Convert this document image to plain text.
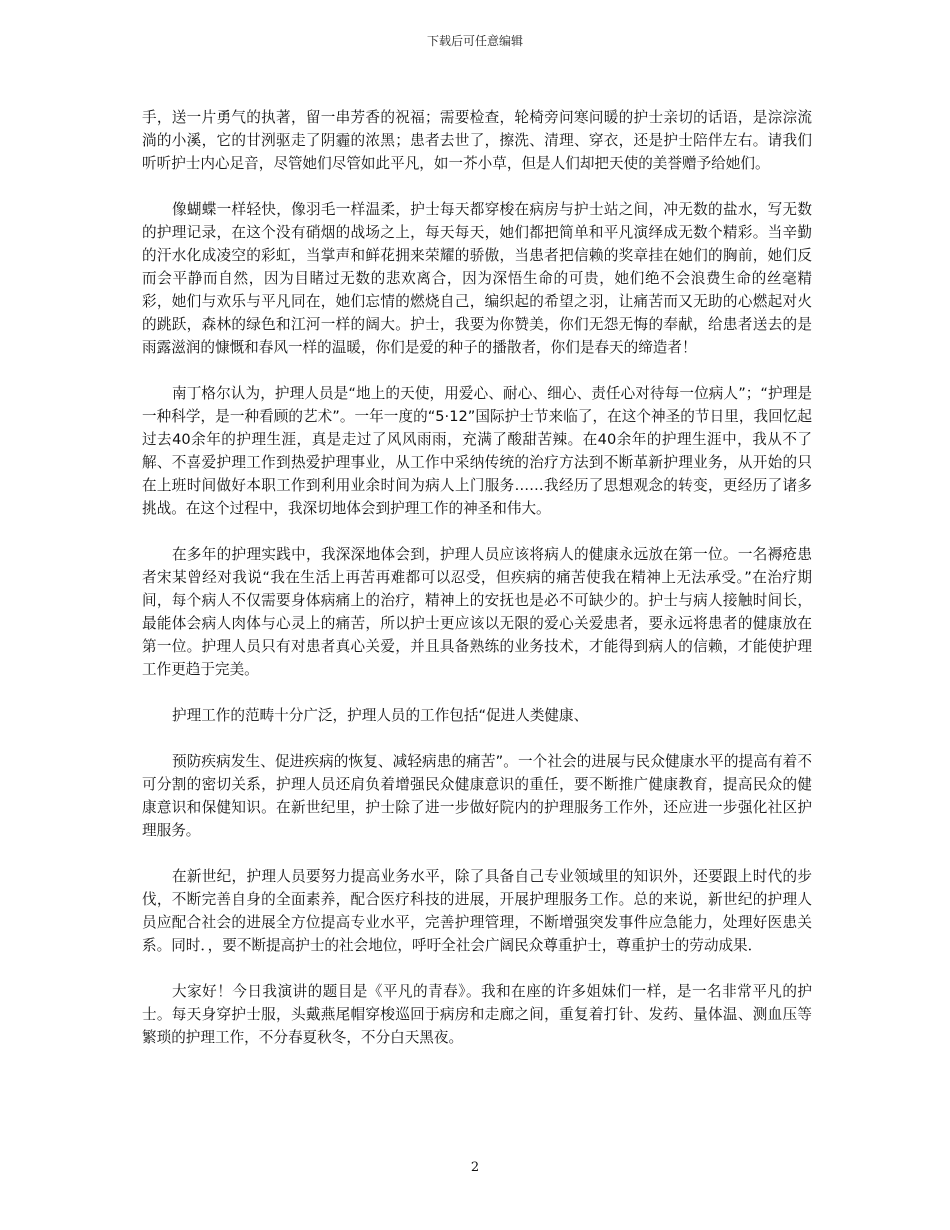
下载后可任意编辑

手，送一片勇气的执著，留一串芳香的祝福；需要检查，轮椅旁问寒问暖的护士亲切的话语，是淙淙流淌的小溪，它的甘洌驱走了阴霾的浓黑；患者去世了，擦洗、清理、穿衣，还是护士陪伴左右。请我们听听护士内心足音，尽管她们尽管如此平凡，如一芥小草，但是人们却把天使的美誉赠予给她们。

像蝴蝶一样轻快，像羽毛一样温柔，护士每天都穿梭在病房与护士站之间，冲无数的盐水，写无数的护理记录，在这个没有硝烟的战场之上，每天每天，她们都把简单和平凡演绎成无数个精彩。当辛勤的汗水化成凌空的彩虹，当掌声和鲜花拥来荣耀的骄傲，当患者把信赖的奖章挂在她们的胸前，她们反而会平静而自然，因为目睹过无数的悲欢离合，因为深悟生命的可贵，她们绝不会浪费生命的丝毫精彩，她们与欢乐与平凡同在，她们忘情的燃烧自己，编织起的希望之羽，让痛苦而又无助的心燃起对火的跳跃，森林的绿色和江河一样的阔大。护士，我要为你赞美，你们无怨无悔的奉献，给患者送去的是雨露滋润的慷慨和春风一样的温暖，你们是爱的种子的播散者，你们是春天的缔造者！

南丁格尔认为，护理人员是“地上的天使，用爱心、耐心、细心、责任心对待每一位病人”；“护理是一种科学，是一种看顾的艺术”。一年一度的“5·12”国际护士节来临了，在这个神圣的节日里，我回忆起过去40余年的护理生涯，真是走过了风风雨雨，充满了酸甜苦辣。在40余年的护理生涯中，我从不了解、不喜爱护理工作到热爱护理事业，从工作中采纳传统的治疗方法到不断革新护理业务，从开始的只在上班时间做好本职工作到利用业余时间为病人上门服务……我经历了思想观念的转变，更经历了诸多挑战。在这个过程中，我深切地体会到护理工作的神圣和伟大。

在多年的护理实践中，我深深地体会到，护理人员应该将病人的健康永远放在第一位。一名褥疮患者宋某曾经对我说“我在生活上再苦再难都可以忍受，但疾病的痛苦使我在精神上无法承受。”在治疗期间，每个病人不仅需要身体病痛上的治疗，精神上的安抚也是必不可缺少的。护士与病人接触时间长，最能体会病人肉体与心灵上的痛苦，所以护士更应该以无限的爱心关爱患者，要永远将患者的健康放在第一位。护理人员只有对患者真心关爱，并且具备熟练的业务技术，才能得到病人的信赖，才能使护理工作更趋于完美。

护理工作的范畴十分广泛，护理人员的工作包括“促进人类健康、

预防疾病发生、促进疾病的恢复、减轻病患的痛苦”。一个社会的进展与民众健康水平的提高有着不可分割的密切关系，护理人员还肩负着增强民众健康意识的重任，要不断推广健康教育，提高民众的健康意识和保健知识。在新世纪里，护士除了进一步做好院内的护理服务工作外，还应进一步强化社区护理服务。

在新世纪，护理人员要努力提高业务水平，除了具备自己专业领域里的知识外，还要跟上时代的步伐，不断完善自身的全面素养，配合医疗科技的进展，开展护理服务工作。总的来说，新世纪的护理人员应配合社会的进展全方位提高专业水平，完善护理管理，不断增强突发事件应急能力，处理好医患关系。同时．，要不断提高护士的社会地位，呼吁全社会广阔民众尊重护士，尊重护士的劳动成果．

大家好！今日我演讲的题目是《平凡的青春》。我和在座的许多姐妹们一样，是一名非常平凡的护士。每天身穿护士服，头戴燕尾帽穿梭巡回于病房和走廊之间，重复着打针、发药、量体温、测血压等繁琐的护理工作，不分春夏秋冬，不分白天黑夜。

2
